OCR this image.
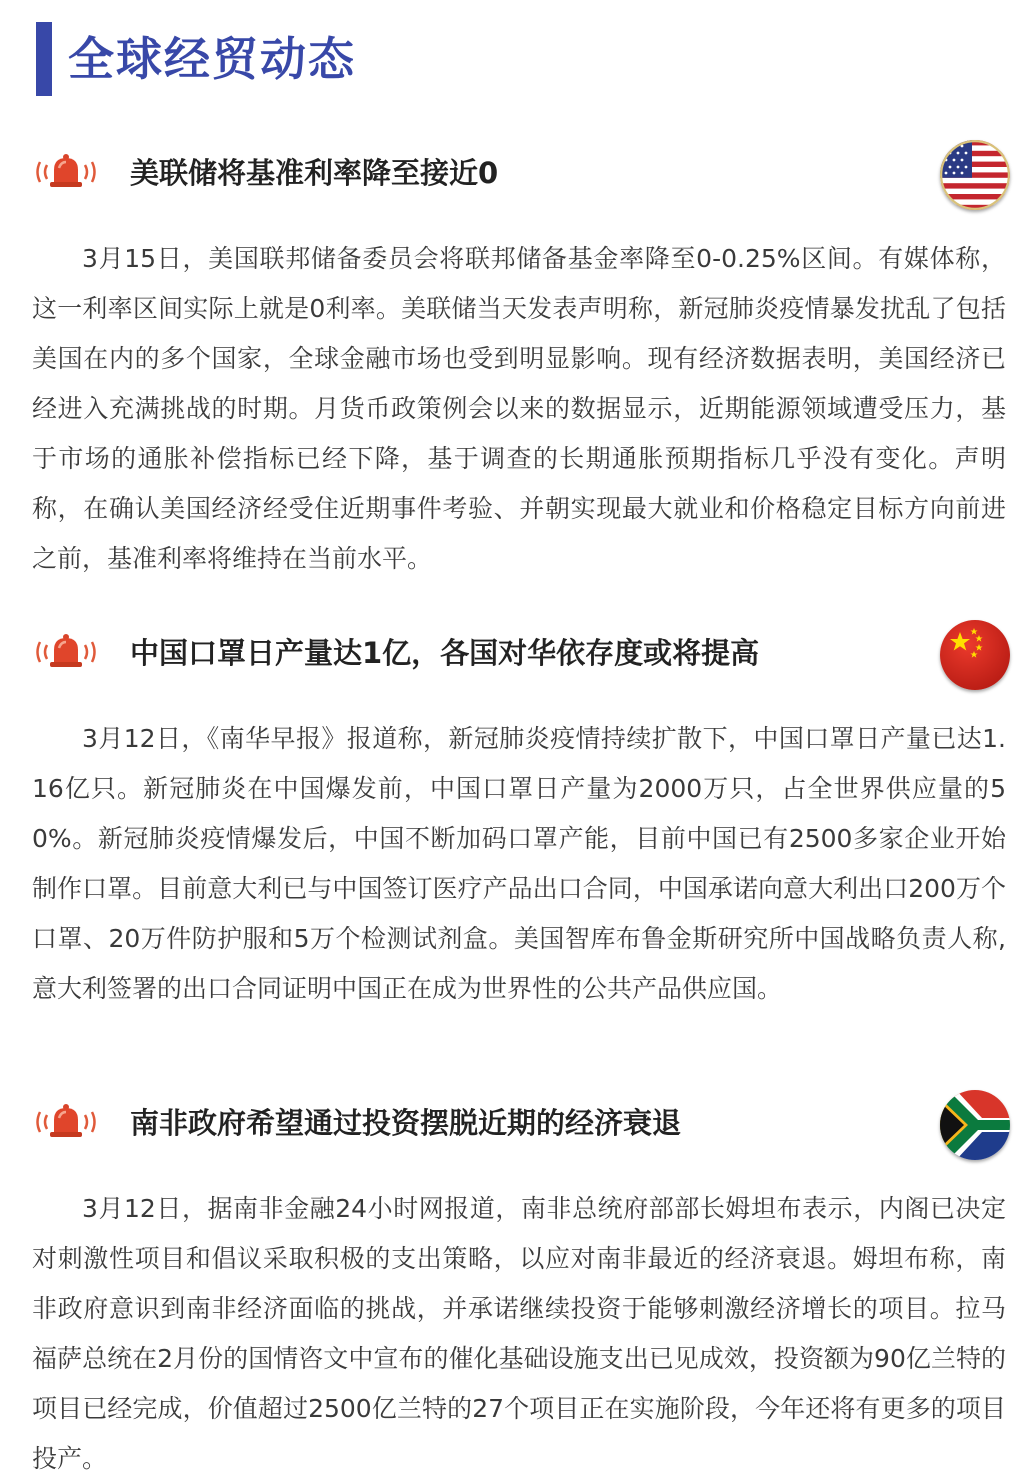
全球经贸动态
美联储将基准利率降至接近0
3月15日，美国联邦储备委员会将联邦储备基金率降至0-0.25%区间。有媒体称，这一利率区间实际上就是0利率。美联储当天发表声明称，新冠肺炎疫情暴发扰乱了包括美国在内的多个国家，全球金融市场也受到明显影响。现有经济数据表明，美国经济已经进入充满挑战的时期。月货币政策例会以来的数据显示，近期能源领域遭受压力，基于市场的通胀补偿指标已经下降，基于调查的长期通胀预期指标几乎没有变化。声明称，在确认美国经济经受住近期事件考验、并朝实现最大就业和价格稳定目标方向前进之前，基准利率将维持在当前水平。
中国口罩日产量达1亿，各国对华依存度或将提高
3月12日，《南华早报》报道称，新冠肺炎疫情持续扩散下，中国口罩日产量已达1.16亿只。新冠肺炎在中国爆发前，中国口罩日产量为2000万只，占全世界供应量的50%。新冠肺炎疫情爆发后，中国不断加码口罩产能，目前中国已有2500多家企业开始制作口罩。目前意大利已与中国签订医疗产品出口合同，中国承诺向意大利出口200万个口罩、20万件防护服和5万个检测试剂盒。美国智库布鲁金斯研究所中国战略负责人称,意大利签署的出口合同证明中国正在成为世界性的公共产品供应国。
南非政府希望通过投资摆脱近期的经济衰退
3月12日，据南非金融24小时网报道，南非总统府部部长姆坦布表示，内阁已决定对刺激性项目和倡议采取积极的支出策略，以应对南非最近的经济衰退。姆坦布称，南非政府意识到南非经济面临的挑战，并承诺继续投资于能够刺激经济增长的项目。拉马福萨总统在2月份的国情咨文中宣布的催化基础设施支出已见成效，投资额为90亿兰特的项目已经完成，价值超过2500亿兰特的27个项目正在实施阶段，今年还将有更多的项目投产。
